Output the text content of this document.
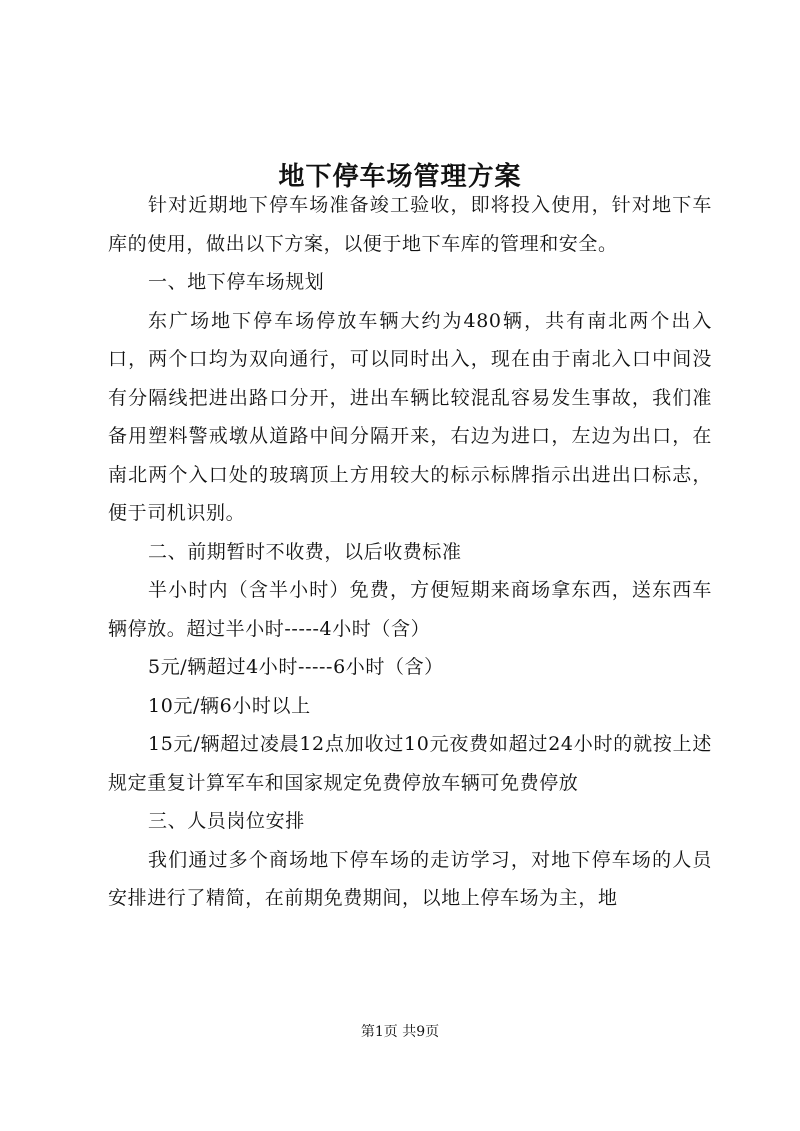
地下停车场管理方案

针对近期地下停车场准备竣工验收，即将投入使用，针对地下车库的使用，做出以下方案，以便于地下车库的管理和安全。

一、地下停车场规划

东广场地下停车场停放车辆大约为480辆，共有南北两个出入口，两个口均为双向通行，可以同时出入，现在由于南北入口中间没有分隔线把进出路口分开，进出车辆比较混乱容易发生事故，我们准备用塑料警戒墩从道路中间分隔开来，右边为进口，左边为出口，在南北两个入口处的玻璃顶上方用较大的标示标牌指示出进出口标志，便于司机识别。

二、前期暂时不收费，以后收费标准

半小时内（含半小时）免费，方便短期来商场拿东西，送东西车辆停放。超过半小时-----4小时（含）

5元/辆超过4小时-----6小时（含）

10元/辆6小时以上

15元/辆超过凌晨12点加收过10元夜费如超过24小时的就按上述规定重复计算军车和国家规定免费停放车辆可免费停放

三、人员岗位安排

我们通过多个商场地下停车场的走访学习，对地下停车场的人员安排进行了精简，在前期免费期间，以地上停车场为主，地

第1页 共9页
